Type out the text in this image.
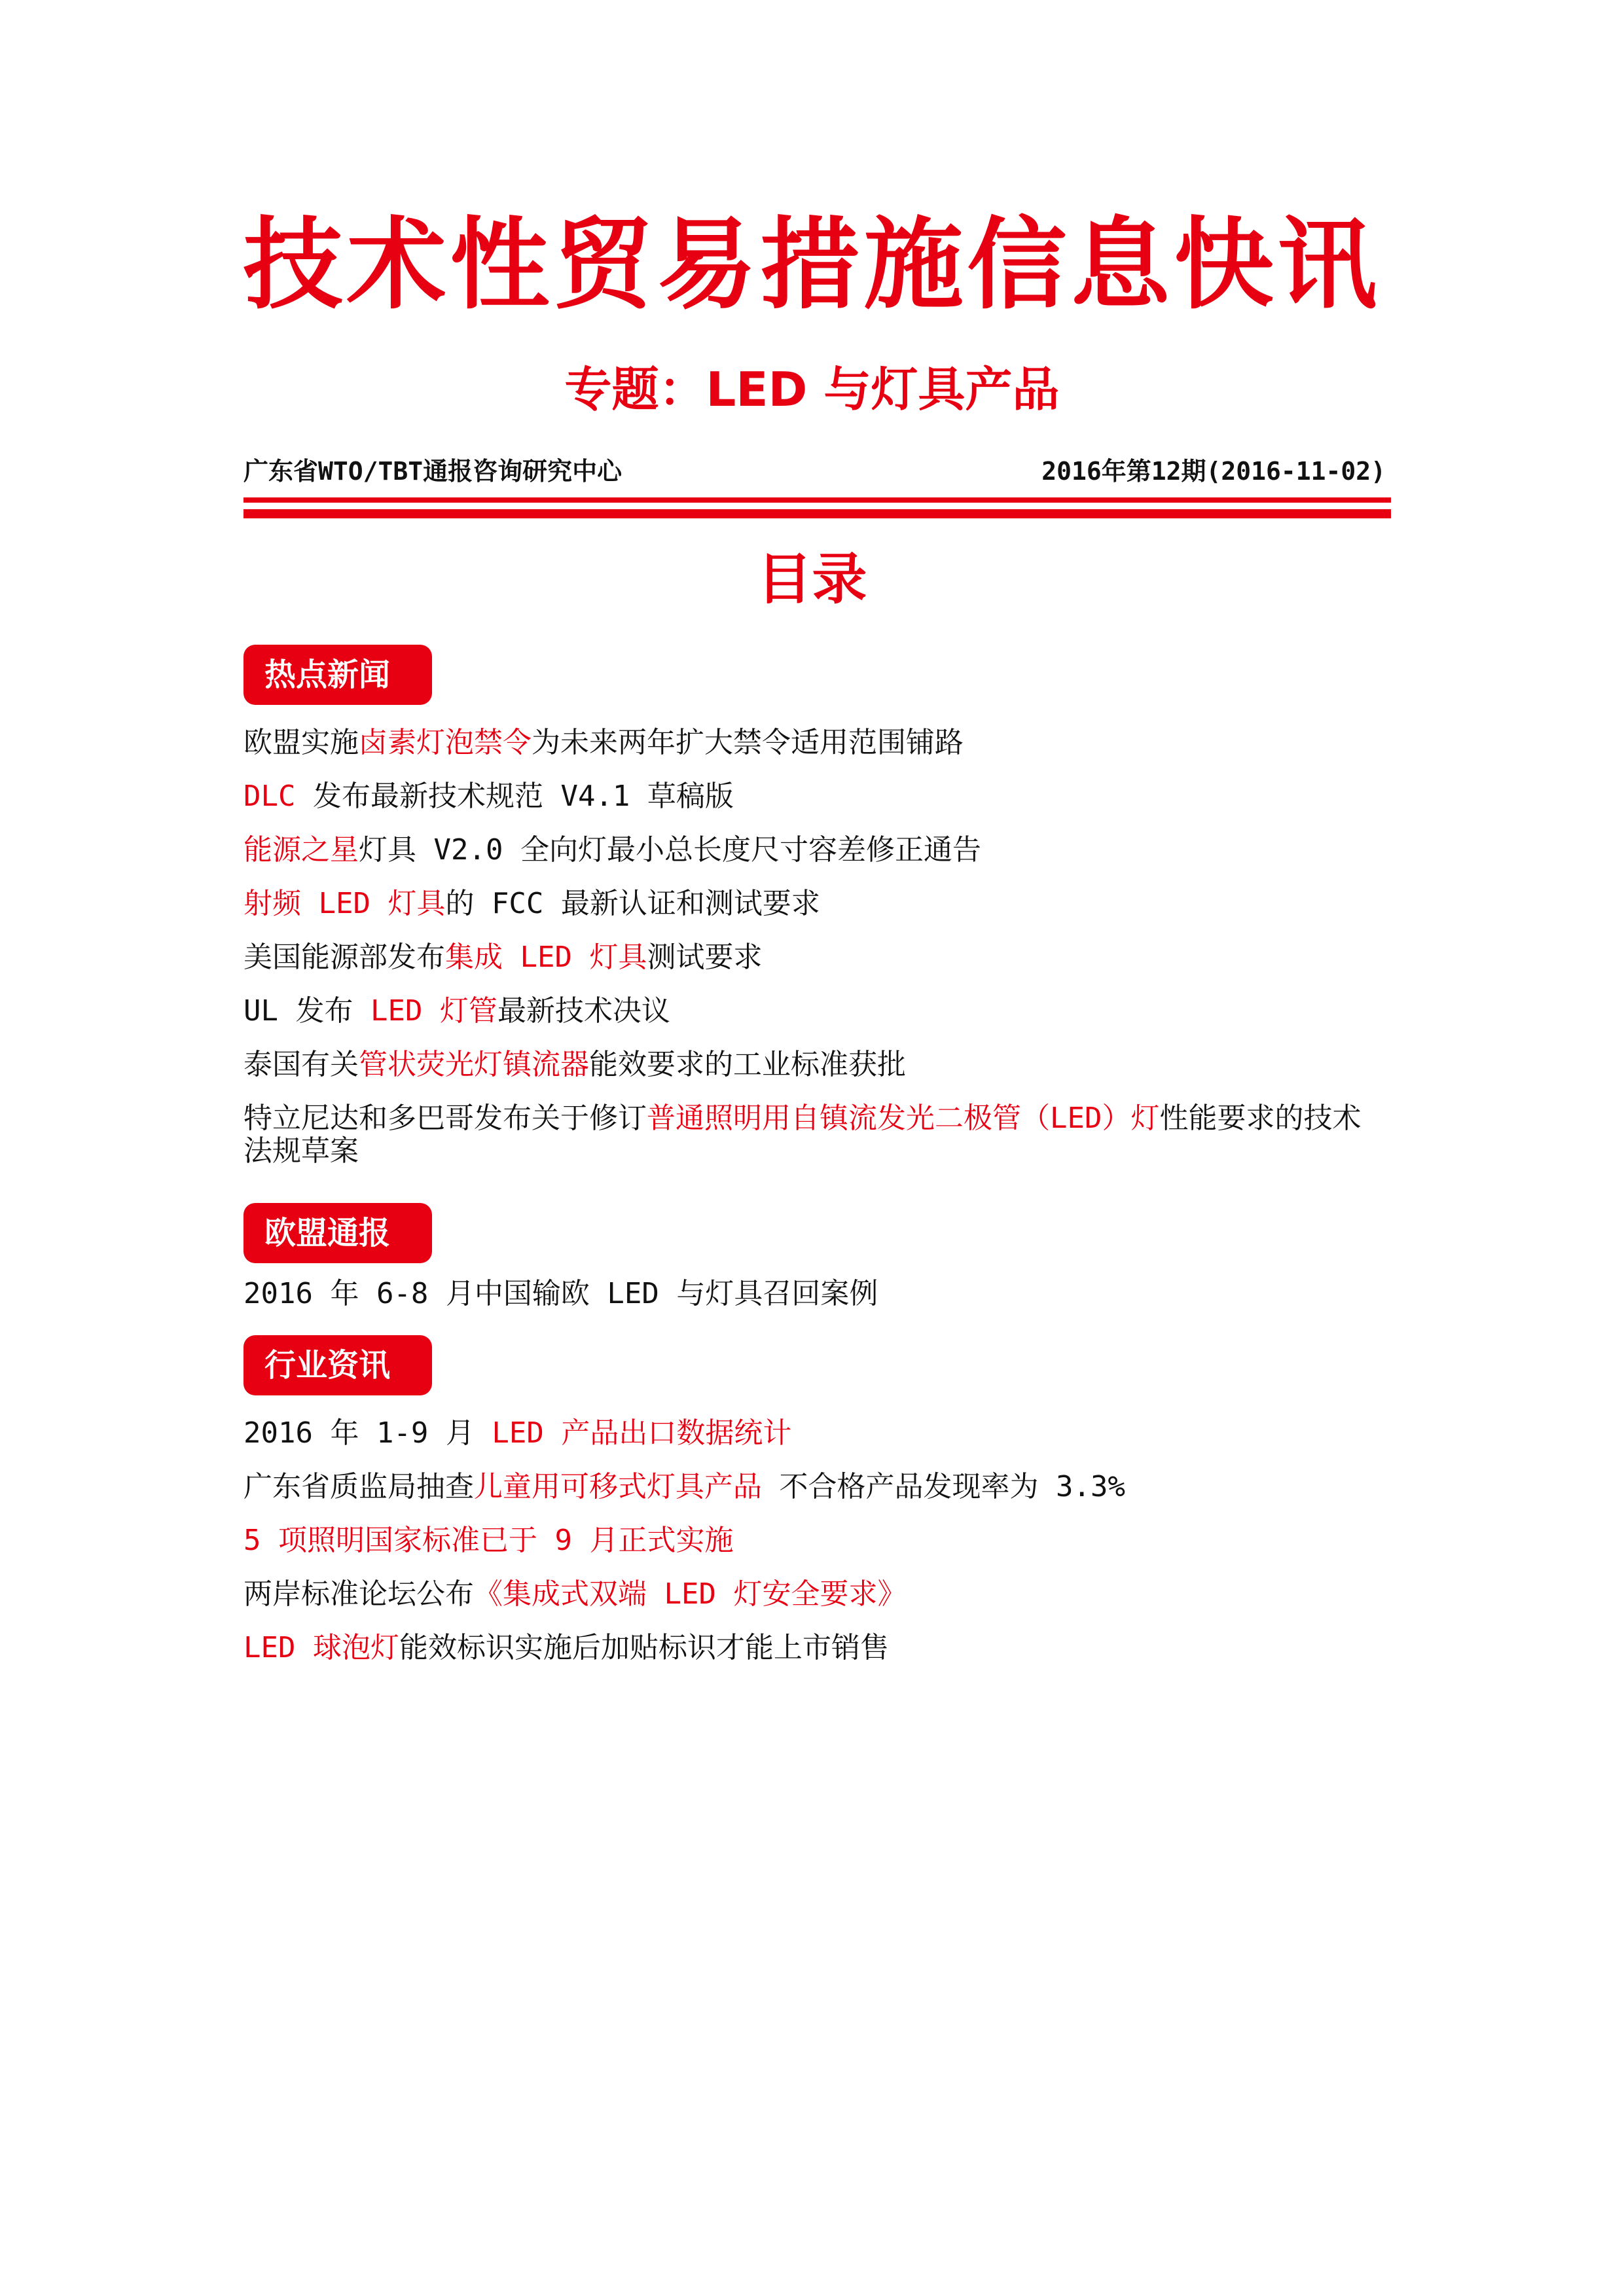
技术性贸易措施信息快讯
专题：LED 与灯具产品
广东省WTO/TBT通报咨询研究中心	2016年第12期(2016-11-02)
目录
热点新闻
欧盟实施卤素灯泡禁令为未来两年扩大禁令适用范围铺路
DLC 发布最新技术规范 V4.1 草稿版
能源之星灯具 V2.0 全向灯最小总长度尺寸容差修正通告
射频 LED 灯具的 FCC 最新认证和测试要求
美国能源部发布集成 LED 灯具测试要求
UL 发布 LED 灯管最新技术决议
泰国有关管状荧光灯镇流器能效要求的工业标准获批
特立尼达和多巴哥发布关于修订普通照明用自镇流发光二极管（LED）灯性能要求的技术法规草案
欧盟通报
2016 年 6-8 月中国输欧 LED 与灯具召回案例
行业资讯
2016 年 1-9 月 LED 产品出口数据统计
广东省质监局抽查儿童用可移式灯具产品 不合格产品发现率为 3.3%
5 项照明国家标准已于 9 月正式实施
两岸标准论坛公布《集成式双端 LED 灯安全要求》
LED 球泡灯能效标识实施后加贴标识才能上市销售
